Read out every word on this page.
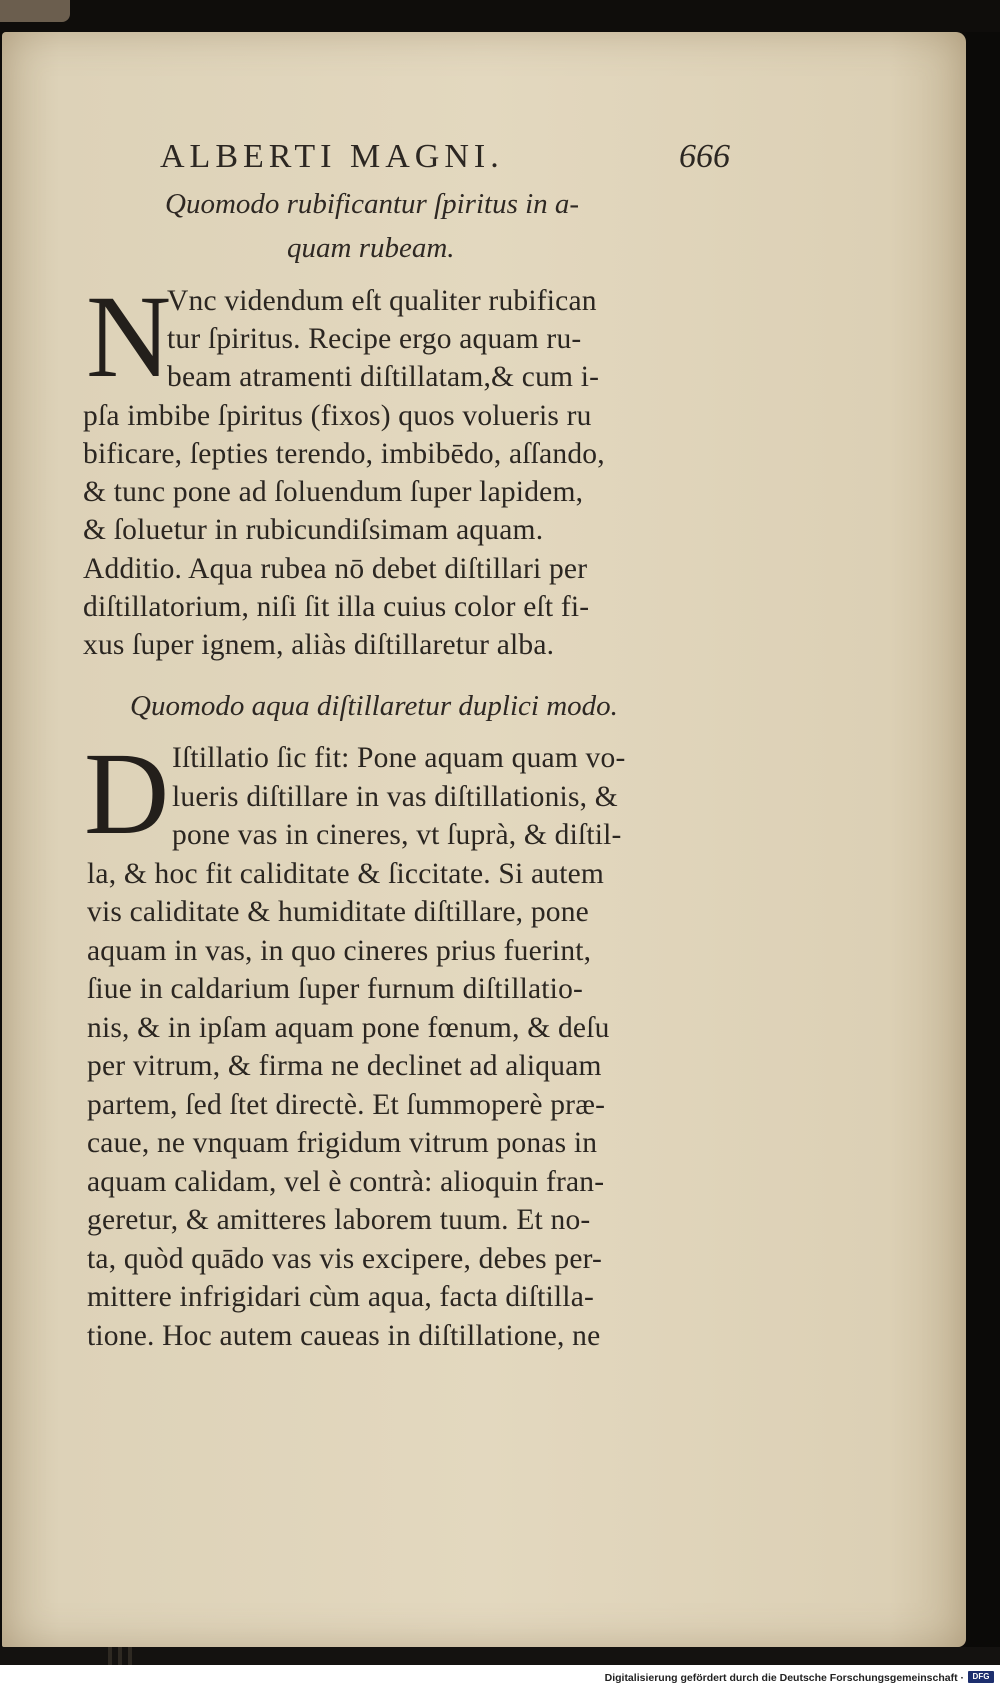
ALBERTI MAGNI.	666
Quomodo rubificantur ſpiritus in a-
quam rubeam.
N
Vnc videndum eſt qualiter rubifican
tur ſpiritus. Recipe ergo aquam ru-
beam atramenti diſtillatam,& cum i-
pſa imbibe ſpiritus (fixos) quos volueris ru
bificare, ſepties terendo, imbibēdo, aſſando,
& tunc pone ad ſoluendum ſuper lapidem,
& ſoluetur in rubicundiſsimam aquam.
Additio. Aqua rubea nō debet diſtillari per
diſtillatorium, niſi ſit illa cuius color eſt fi-
xus ſuper ignem, aliàs diſtillaretur alba.
Quomodo aqua diſtillaretur duplici modo.
D Iſtillatio ſic fit: Pone aquam quam vo-
lueris diſtillare in vas diſtillationis, &
pone vas in cineres, vt ſuprà, & diſtil-
la, & hoc fit caliditate & ſiccitate. Si autem
vis caliditate & humiditate diſtillare, pone
aquam in vas, in quo cineres prius fuerint,
ſiue in caldarium ſuper furnum diſtillatio-
nis, & in ipſam aquam pone fœnum, & deſu
per vitrum, & firma ne declinet ad aliquam
partem, ſed ſtet directè. Et ſummoperè præ-
caue, ne vnquam frigidum vitrum ponas in
aquam calidam, vel è contrà: alioquin fran-
geretur, & amitteres laborem tuum. Et no-
ta, quòd quādo vas vis excipere, debes per-
mittere infrigidari cùm aqua, facta diſtilla-
tione. Hoc autem caueas in diſtillatione, ne
Digitalisierung gefördert durch die Deutsche Forschungsgemeinschaft ·	DFG
